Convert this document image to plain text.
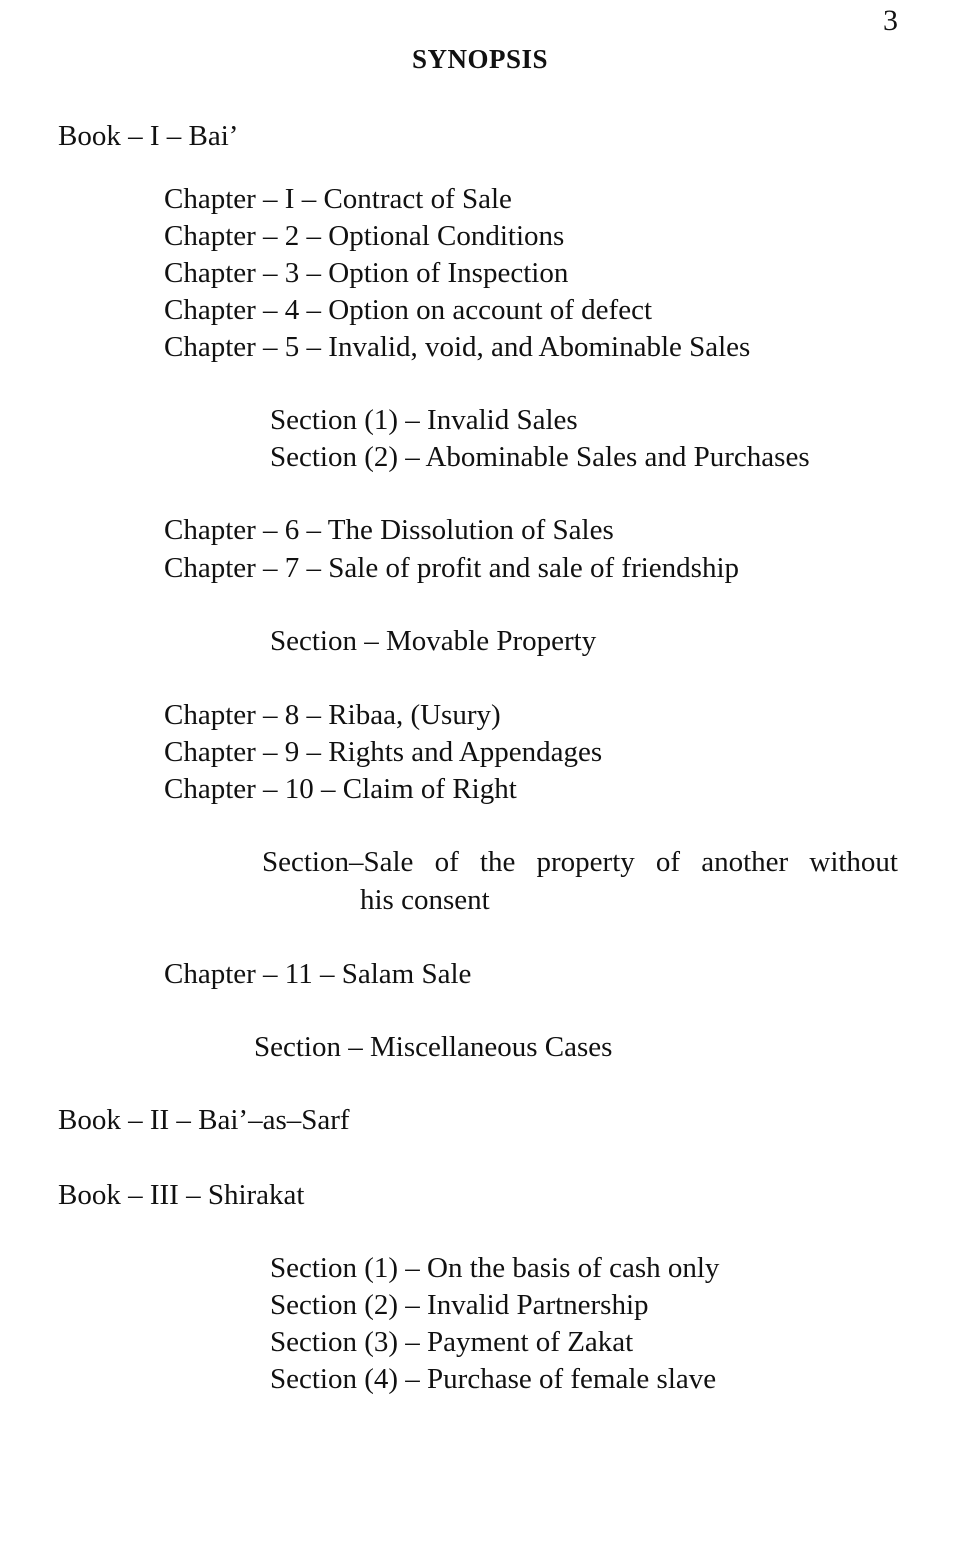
3
SYNOPSIS
Book – I – Bai’
Chapter – I – Contract of Sale
Chapter – 2 – Optional Conditions
Chapter – 3 – Option of Inspection
Chapter – 4 – Option on account of defect
Chapter – 5 – Invalid, void, and Abominable Sales
Section (1) – Invalid Sales
Section (2) – Abominable Sales and Purchases
Chapter – 6 – The Dissolution of Sales
Chapter – 7 – Sale of profit and sale of friendship
Section – Movable Property
Chapter – 8 – Ribaa, (Usury)
Chapter – 9 – Rights and Appendages
Chapter – 10 – Claim of Right
Section–Sale of the property of another without
his consent
Chapter – 11 – Salam Sale
Section – Miscellaneous Cases
Book – II – Bai’–as–Sarf
Book – III – Shirakat
Section (1) – On the basis of cash only
Section (2) – Invalid Partnership
Section (3) – Payment of Zakat
Section (4) – Purchase of female slave
